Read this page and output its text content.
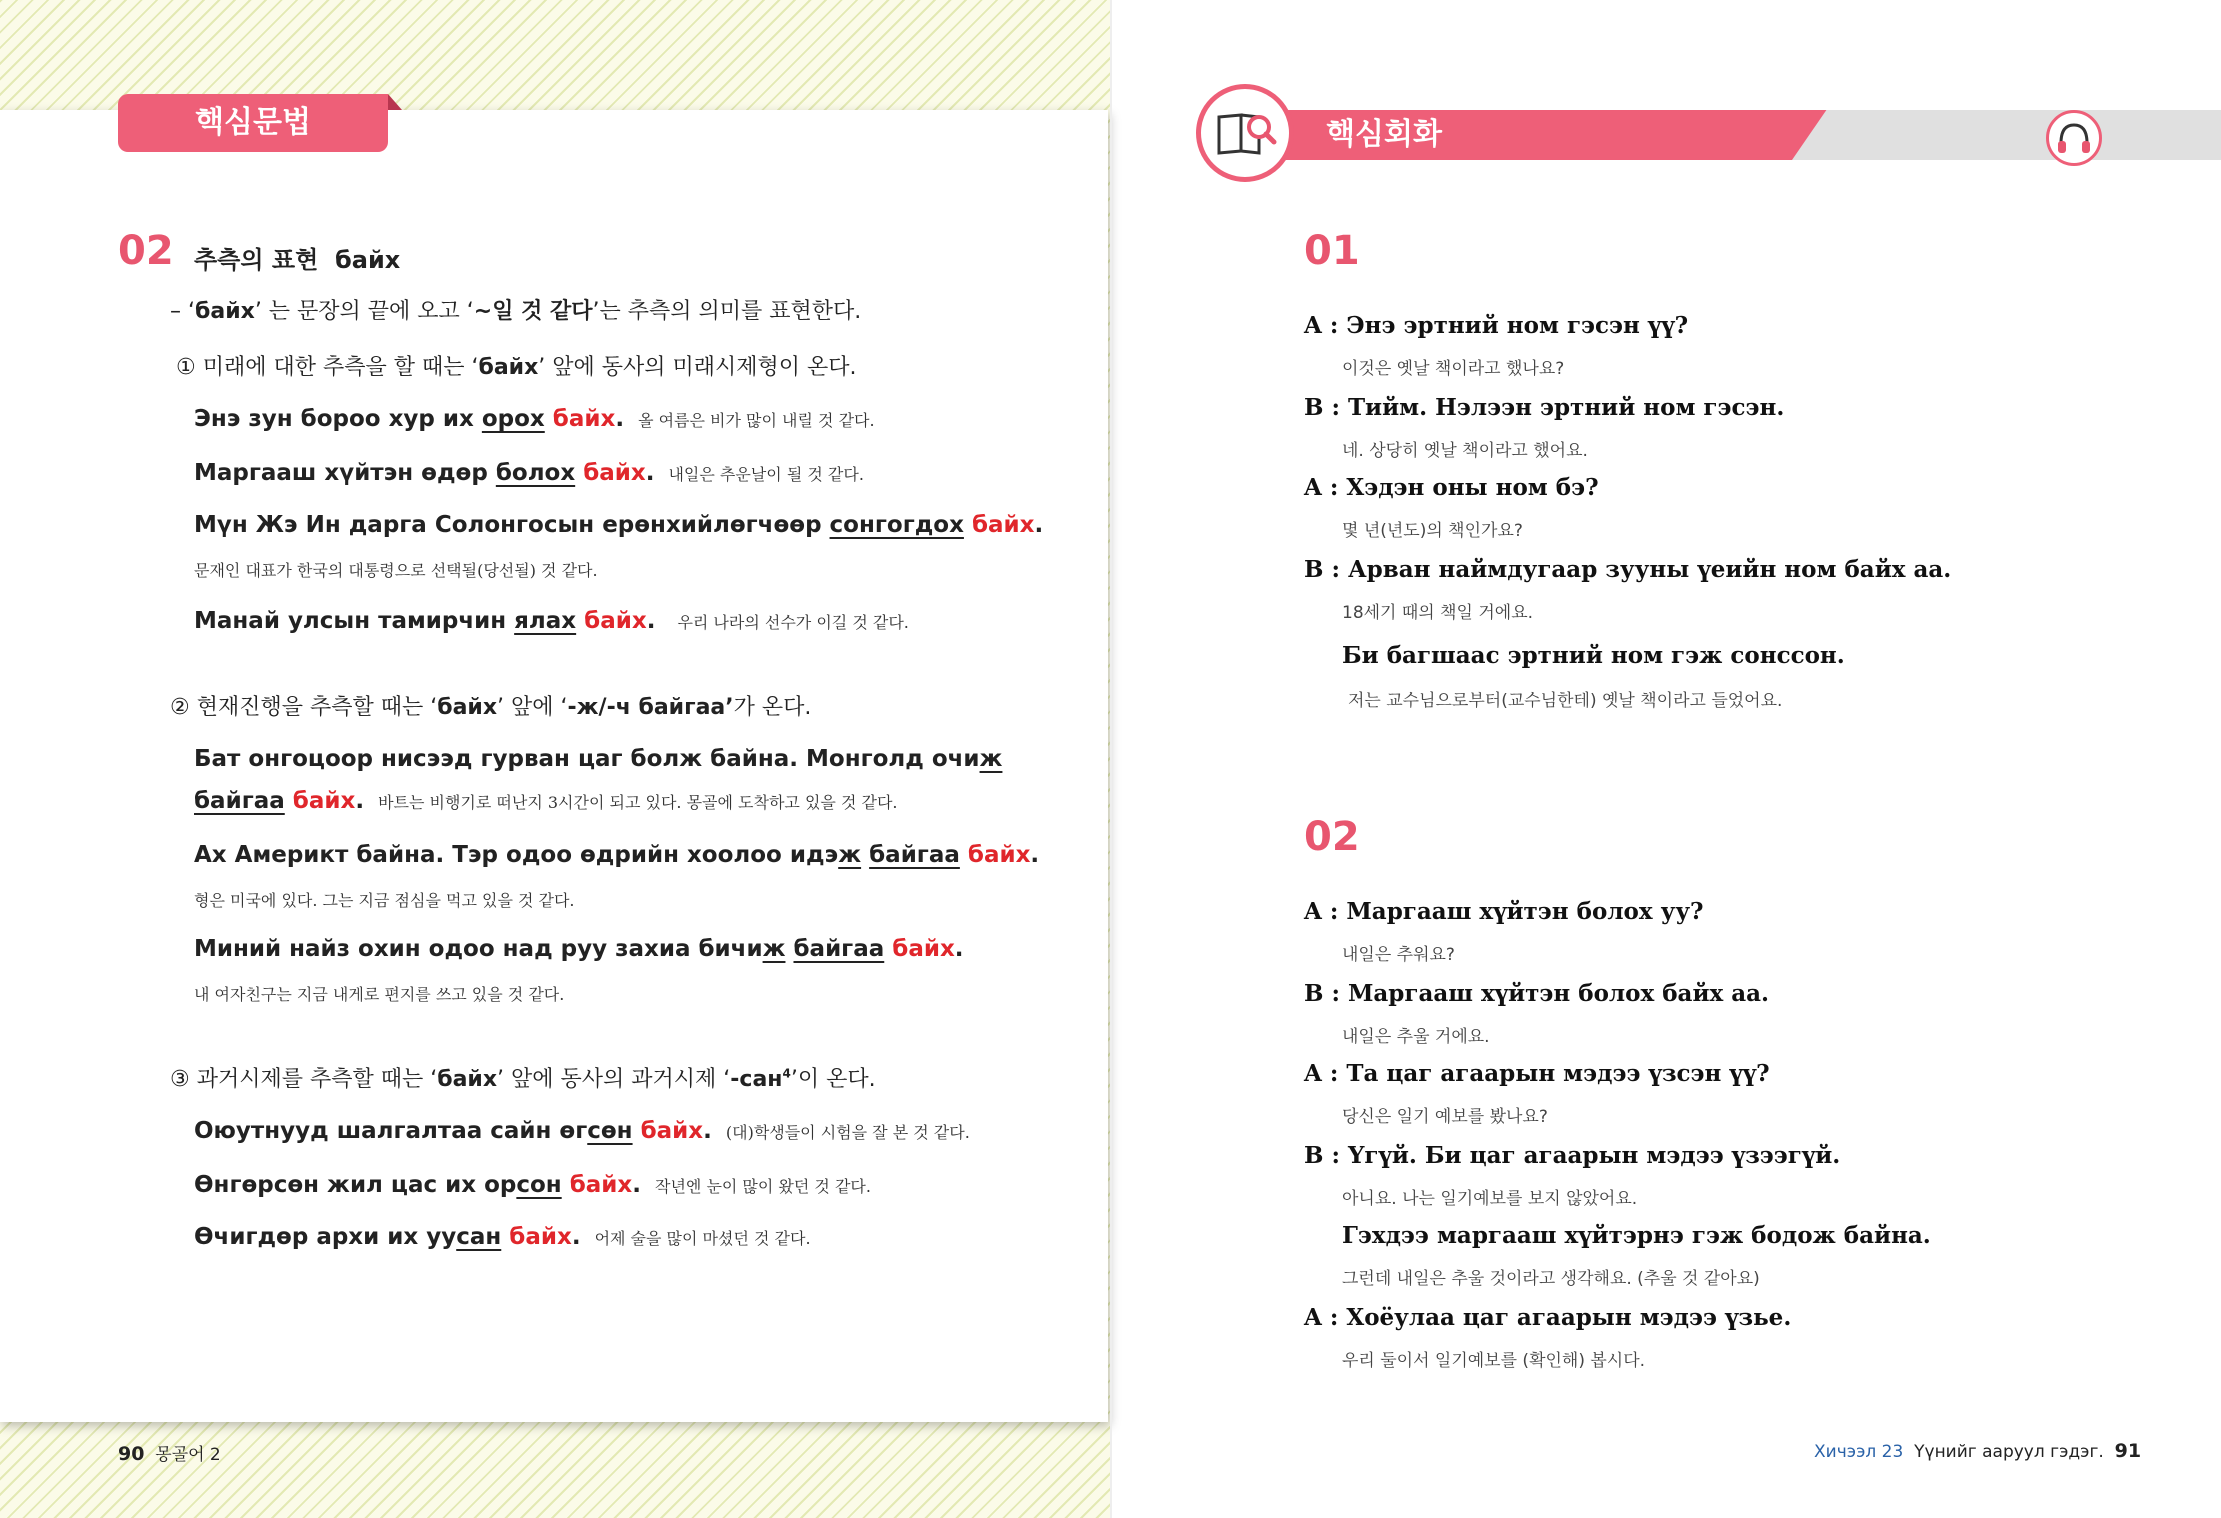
핵심문법
02 추측의 표현 байх
– ‘байх’ 는 문장의 끝에 오고 ‘~일 것 같다’는 추측의 의미를 표현한다.
① 미래에 대한 추측을 할 때는 ‘байх’ 앞에 동사의 미래시제형이 온다.
Энэ зун бороо хур их орох байх. 올 여름은 비가 많이 내릴 것 같다.
Маргааш хүйтэн өдөр болох байх. 내일은 추운날이 될 것 같다.
Мүн Жэ Ин дарга Солонгосын ерөнхийлөгчөөр сонгогдох байх.
문재인 대표가 한국의 대통령으로 선택될(당선될) 것 같다.
Манай улсын тамирчин ялах байх. 우리 나라의 선수가 이길 것 같다.
② 현재진행을 추측할 때는 ‘байх’ 앞에 ‘-ж/-ч байгаа’가 온다.
Бат онгоцоор нисээд гурван цаг болж байна. Монголд очиж
байгаа байх. 바트는 비행기로 떠난지 3시간이 되고 있다. 몽골에 도착하고 있을 것 같다.
Ах Америкт байна. Тэр одоо өдрийн хоолоо идэж байгаа байх.
형은 미국에 있다. 그는 지금 점심을 먹고 있을 것 같다.
Миний найз охин одоо над руу захиа бичиж байгаа байх.
내 여자친구는 지금 내게로 편지를 쓰고 있을 것 같다.
③ 과거시제를 추측할 때는 ‘байх’ 앞에 동사의 과거시제 ‘-сан$^4$’이 온다.
Оюутнууд шалгалтаа сайн өгсөн байх. (대)학생들이 시험을 잘 본 것 같다.
Өнгөрсөн жил цас их орсон байх. 작년엔 눈이 많이 왔던 것 같다.
Өчигдөр архи их уусан байх. 어제 술을 많이 마셨던 것 같다.
90 몽골어 2
핵심회화
01
A : Энэ эртний ном гэсэн үү?
이것은 옛날 책이라고 했나요?
B : Тийм. Нэлээн эртний ном гэсэн.
네. 상당히 옛날 책이라고 했어요.
A : Хэдэн оны ном бэ?
몇 년(년도)의 책인가요?
B : Арван наймдугаар зууны үеийн ном байх аа.
18세기 때의 책일 거에요.
Би багшаас эртний ном гэж сонссон.
저는 교수님으로부터(교수님한테) 옛날 책이라고 들었어요.
02
A : Маргааш хүйтэн болох уу?
내일은 추워요?
B : Маргааш хүйтэн болох байх аа.
내일은 추울 거에요.
A : Та цаг агаарын мэдээ үзсэн үү?
당신은 일기 예보를 봤나요?
B : Үгүй. Би цаг агаарын мэдээ үзээгүй.
아니요. 나는 일기예보를 보지 않았어요.
Гэхдээ маргааш хүйтэрнэ гэж бодож байна.
그런데 내일은 추울 것이라고 생각해요. (추울 것 같아요)
A : Хоёулаа цаг агаарын мэдээ үзье.
우리 둘이서 일기예보를 (확인해) 봅시다.
Хичээл 23 Үүнийг ааруул гэдэг. 91
